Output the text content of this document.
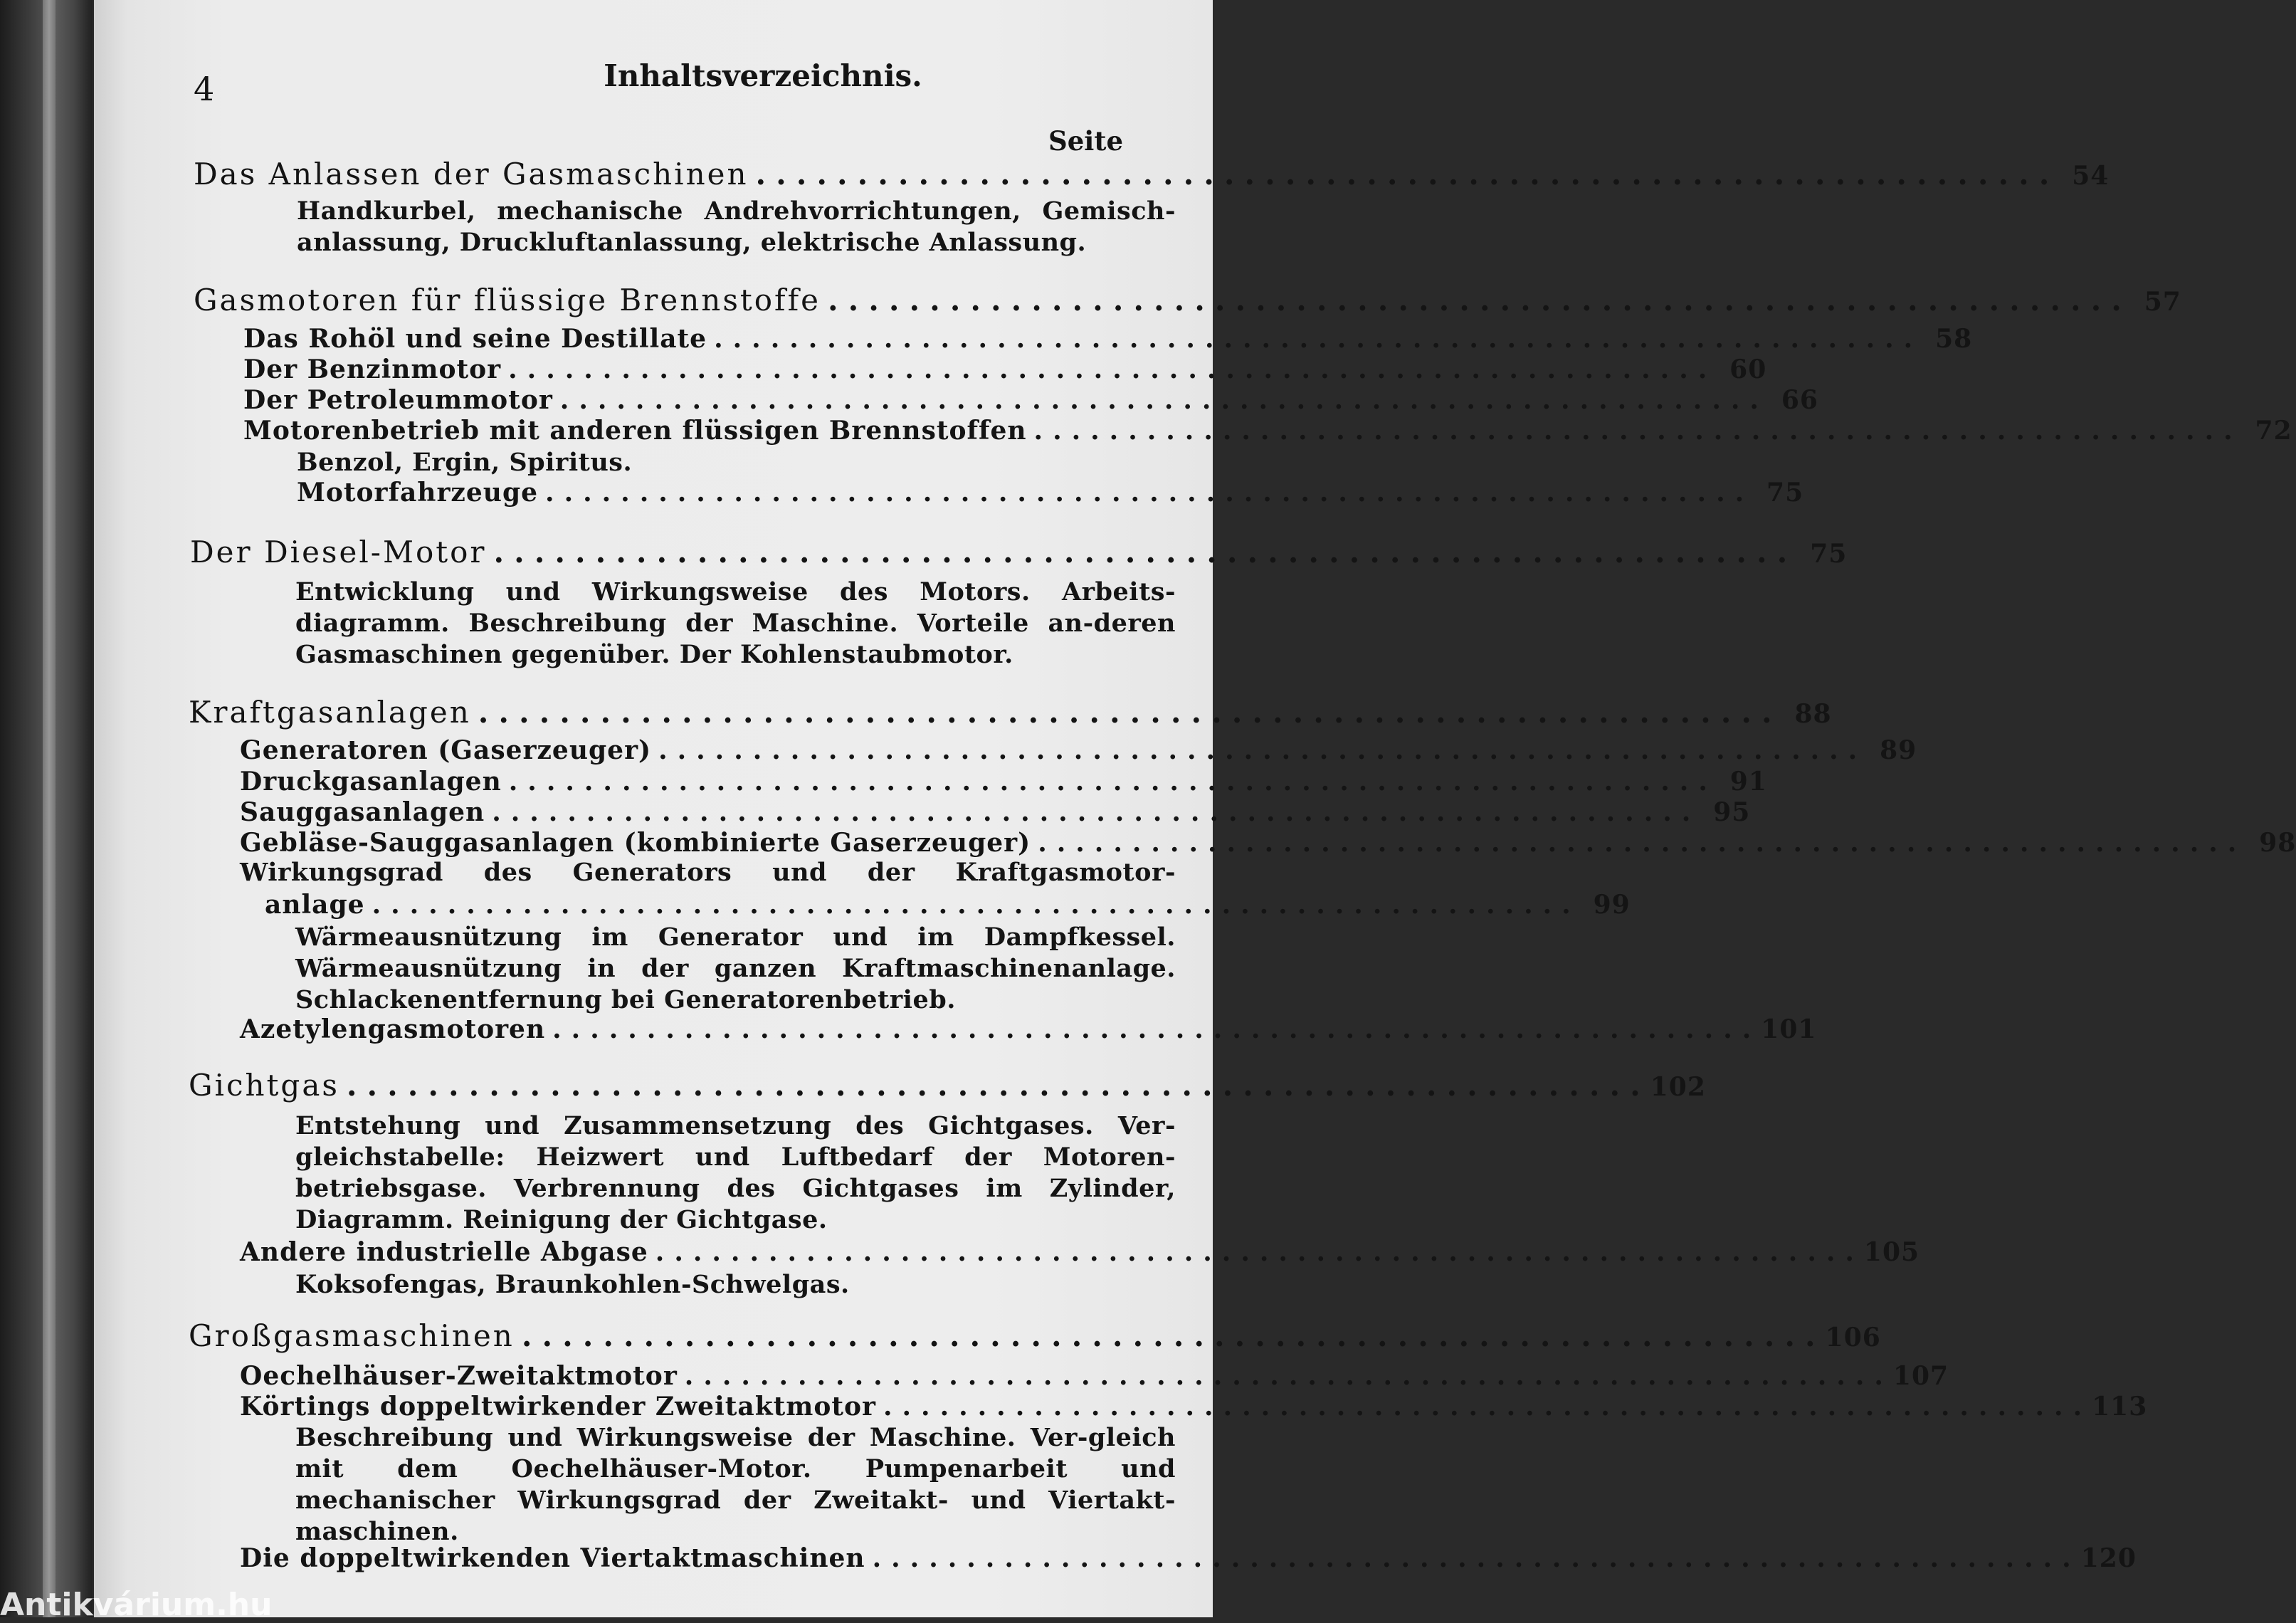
4	Inhaltsverzeichnis.
Seite
Das Anlassen der Gasmaschinen ................................................................ 54
Handkurbel, mechanische Andrehvorrichtungen, Gemisch-anlassung, Druckluftanlassung, elektrische Anlassung.
Gasmotoren für flüssige Brennstoffe ................................................................ 57
Das Rohöl und seine Destillate ................................................................ 58
Der Benzinmotor ................................................................ 60
Der Petroleummotor ................................................................ 66
Motorenbetrieb mit anderen flüssigen Brennstoffen ................................................................ 72
Benzol, Ergin, Spiritus.
Motorfahrzeuge ................................................................ 75
Der Diesel-Motor ................................................................ 75
Entwicklung und Wirkungsweise des Motors. Arbeits-diagramm. Beschreibung der Maschine. Vorteile an-deren Gasmaschinen gegenüber. Der Kohlenstaubmotor.
Kraftgasanlagen ................................................................ 88
Generatoren (Gaserzeuger) ................................................................ 89
Druckgasanlagen ................................................................ 91
Sauggasanlagen ................................................................ 95
Gebläse-Sauggasanlagen (kombinierte Gaserzeuger) ................................................................ 98
Wirkungsgrad des Generators und der Kraftgasmotor-
anlage ................................................................ 99
Wärmeausnützung im Generator und im Dampfkessel. Wärmeausnützung in der ganzen Kraftmaschinenanlage. Schlackenentfernung bei Generatorenbetrieb.
Azetylengasmotoren ................................................................ 101
Gichtgas ................................................................ 102
Entstehung und Zusammensetzung des Gichtgases. Ver-gleichstabelle: Heizwert und Luftbedarf der Motoren-betriebsgase. Verbrennung des Gichtgases im Zylinder, Diagramm. Reinigung der Gichtgase.
Andere industrielle Abgase ................................................................ 105
Koksofengas, Braunkohlen-Schwelgas.
Großgasmaschinen ................................................................ 106
Oechelhäuser-Zweitaktmotor ................................................................ 107
Körtings doppeltwirkender Zweitaktmotor ................................................................ 113
Beschreibung und Wirkungsweise der Maschine. Ver-gleich mit dem Oechelhäuser-Motor. Pumpenarbeit und mechanischer Wirkungsgrad der Zweitakt- und Viertakt-maschinen.
Die doppeltwirkenden Viertaktmaschinen ................................................................ 120
Antikvárium.hu
